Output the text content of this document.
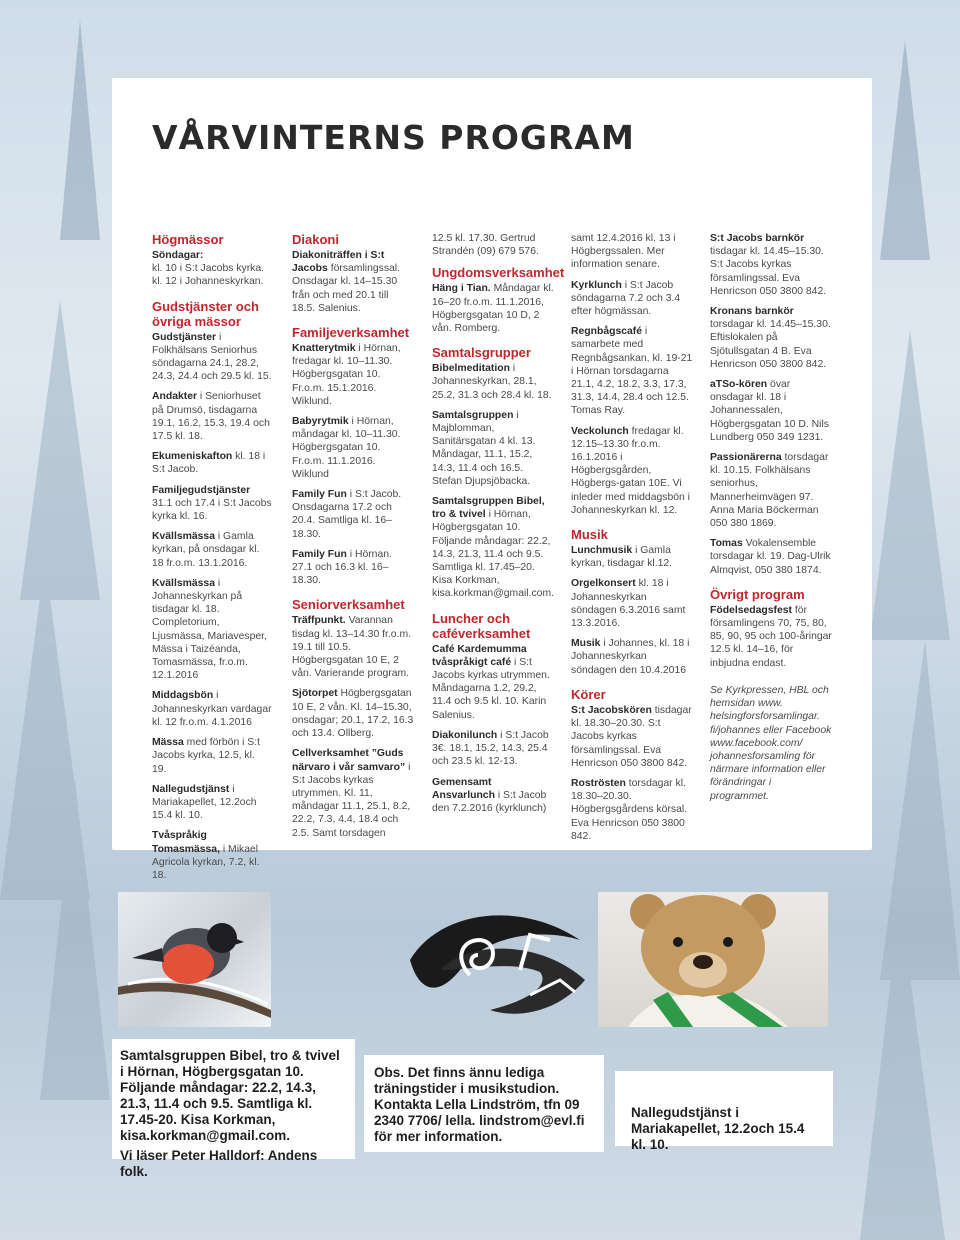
VÅRVINTERNS PROGRAM
Högmässor

Söndagar:
kl. 10 i S:t Jacobs kyrka.
kl. 12 i Johanneskyrkan.

Gudstjänster och övriga mässor

Gudstjänster i Folkhälsans Seniorhus söndagarna 24.1, 28.2, 24.3, 24.4 och 29.5 kl. 15.

Andakter i Seniorhuset på Drumsö, tisdagarna 19.1, 16.2, 15.3, 19.4 och 17.5 kl. 18.

Ekumeniskafton kl. 18 i S:t Jacob.

Familjegudstjänster 31.1 och 17.4 i S:t Jacobs kyrka kl. 16.

Kvällsmässa i Gamla kyrkan, på onsdagar kl. 18 fr.o.m. 13.1.2016.

Kvällsmässa i Johanneskyrkan på tisdagar kl. 18. Completorium, Ljusmässa, Mariavesper, Mässa i Taizéanda, Tomasmässa, fr.o.m. 12.1.2016

Middagsbön i Johanneskyrkan vardagar kl. 12 fr.o.m. 4.1.2016

Mässa med förbön i S:t Jacobs kyrka, 12.5, kl. 19.

Nallegudstjänst i Mariakapellet, 12.2och 15.4 kl. 10.

Tvåspråkig Tomasmässa, i Mikael Agricola kyrkan, 7.2, kl. 18.

Diakoni

Diakoniträffen i S:t Jacobs församlingssal. Onsdagar kl. 14–15.30 från och med 20.1 till 18.5. Salenius.

Familjeverksamhet

Knatterytmik i Hörnan, fredagar kl. 10–11.30. Högbergsgatan 10. Fr.o.m. 15.1.2016. Wiklund.

Babyrytmik i Hörnan, måndagar kl. 10–11.30. Högbergsgatan 10. Fr.o.m. 11.1.2016. Wiklund

Family Fun i S:t Jacob. Onsdagarna 17.2 och 20.4. Samtliga kl. 16–18.30.

Family Fun i Hörnan. 27.1 och 16.3 kl. 16–18.30.

Seniorverksamhet

Träffpunkt. Varannan tisdag kl. 13–14.30 fr.o.m. 19.1 till 10.5. Högbergsgatan 10 E, 2 vån. Varierande program.

Sjötorpet Högbergsgatan 10 E, 2 vån. Kl. 14–15.30, onsdagar; 20.1, 17.2, 16.3 och 13.4. Ollberg.

Cellverksamhet ”Guds närvaro i vår samvaro” i S:t Jacobs kyrkas utrymmen. Kl. 11, måndagar 11.1, 25.1, 8.2, 22.2, 7.3, 4.4, 18.4 och 2.5. Samt torsdagen

12.5 kl. 17.30. Gertrud Strandén (09) 679 576.

Ungdomsverksamhet

Häng i Tian. Måndagar kl. 16–20 fr.o.m. 11.1.2016, Högbergsgatan 10 D, 2 vån. Romberg.

Samtalsgrupper

Bibelmeditation i Johanneskyrkan, 28.1, 25.2, 31.3 och 28.4 kl. 18.

Samtalsgruppen i Majblomman, Sanitärsgatan 4 kl. 13. Måndagar, 11.1, 15.2, 14.3, 11.4 och 16.5. Stefan Djupsjöbacka.

Samtalsgruppen Bibel, tro & tvivel i Hörnan, Högbergsgatan 10. Följande måndagar: 22.2, 14.3, 21.3, 11.4 och 9.5. Samtliga kl. 17.45–20. Kisa Korkman, kisa.korkman@gmail.com.

Luncher och caféverksamhet

Café Kardemumma tvåspråkigt café i S:t Jacobs kyrkas utrymmen. Måndagarna 1.2, 29.2, 11.4 och 9.5 kl. 10. Karin Salenius.

Diakonilunch i S:t Jacob 3€. 18.1, 15.2, 14.3, 25.4 och 23.5 kl. 12-13.

Gemensamt Ansvarlunch i S:t Jacob den 7.2.2016 (kyrklunch)

samt 12.4.2016 kl. 13 i Högbergssalen. Mer information senare.

Kyrklunch i S:t Jacob söndagarna 7.2 och 3.4 efter högmässan.

Regnbågscafé i samarbete med Regnbågsankan, kl. 19-21 i Hörnan torsdagarna 21.1, 4.2, 18.2, 3.3, 17.3, 31.3, 14.4, 28.4 och 12.5. Tomas Ray.

Veckolunch fredagar kl. 12.15–13.30 fr.o.m. 16.1.2016 i Högbergsgården, Högbergs-gatan 10E. Vi inleder med middagsbön i Johanneskyrkan kl. 12.

Musik

Lunchmusik i Gamla kyrkan, tisdagar kl.12.

Orgelkonsert kl. 18 i Johanneskyrkan söndagen 6.3.2016 samt 13.3.2016.

Musik i Johannes, kl. 18 i Johanneskyrkan söndagen den 10.4.2016

Körer

S:t Jacobskören tisdagar kl. 18.30–20.30. S:t Jacobs kyrkas församlingssal. Eva Henricson 050 3800 842.

Roströsten torsdagar kl. 18.30–20.30. Högbergsgårdens körsal. Eva Henricson 050 3800 842.

S:t Jacobs barnkör tisdagar kl. 14.45–15.30. S:t Jacobs kyrkas församlingssal. Eva Henricson 050 3800 842.

Kronans barnkör torsdagar kl. 14.45–15.30. Eftislokalen på Sjötullsgatan 4 B. Eva Henricson 050 3800 842.

aTSo-kören övar onsdagar kl. 18 i Johannessalen, Högbergsgatan 10 D. Nils Lundberg 050 349 1231.

Passionärerna torsdagar kl. 10.15. Folkhälsans seniorhus, Mannerheimvägen 97. Anna Maria Böckerman 050 380 1869.

Tomas Vokalensemble torsdagar kl. 19. Dag-Ulrik Almqvist, 050 380 1874.

Övrigt program

Födelsedagsfest för församlingens 70, 75, 80, 85, 90, 95 och 100-åringar 12.5 kl. 14–16, för inbjudna endast.

Se Kyrkpressen, HBL och hemsidan www. helsingforsforsamlingar. fi/johannes eller Facebook www.facebook.com/ johannesforsamling för närmare information eller förändringar i programmet.

Samtalsgruppen Bibel, tro & tvivel i Hörnan, Högbergsgatan 10. Följande måndagar: 22.2, 14.3, 21.3, 11.4 och 9.5. Samtliga kl. 17.45-20. Kisa Korkman, kisa.korkman@gmail.com.
Vi läser Peter Halldorf: Andens folk.
Obs. Det finns ännu lediga träningstider i musikstudion. Kontakta Lella Lindström, tfn 09 2340 7706/ lella. lindstrom@evl.fi för mer information.
Nallegudstjänst i Mariakapellet, 12.2och 15.4 kl. 10.
